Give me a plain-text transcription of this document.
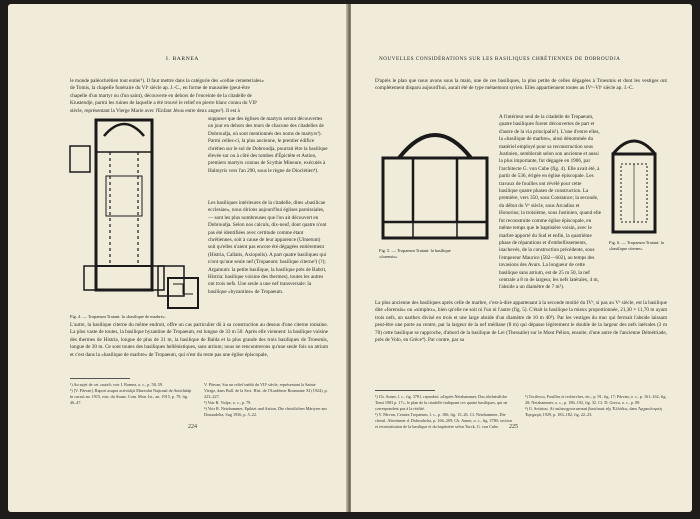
I. BARNEA

le monde paléochrétien tout entier¹). Il faut mettre dans la catégorie des «cellae cemeteriales»

de Tomis, la chapelle funéraire du VIᵉ siècle ap. J.-C., en forme de mausolée (peut-être

chapelle d'un martyr ou d'un saint), découverte en dehors de l'enceinte de la citadelle de

Kiustendje, parmi les ruines de laquelle a été trouvé le relief en pierre blanc connu du VIIᵉ

siècle, représentant la Vierge Marie avec l'Enfant Jésus entre deux anges²). Il est à

Fig. 4. — Tropaeum Traiani: la «basilique de marbre».
supposer que des églises de martyrs seront découvertes un jour en dehors des murs de chacune des citadelles de Dobroudja, où sont mentionnés des noms de martyrs³). Parmi celles-ci, la plus ancienne, le premier édifice chrétien sur le sol de Dobroudja, pourrait être la basilique élevée sur ou à côté des tombes d'Épictète et Astion, premiers martyrs connus de Scythie Mineure, exécutés à Halmyris vers l'an 290, sous le règne de Dioclétien⁴).
Les basiliques intérieures de la citadelle, dites «basilicae ecclesiae», nous dirions aujourd'hui églises paroissiales, — sont les plus nombreuses que l'on ait découvert en Dobroudja. Selon nos calculs, dix-neuf, dont quatre n'ont pas été identifiées avec certitude comme étant chrétiennes, soit à cause de leur apparence (Ulmetum) soit qu'elles n'aient pas encore été dégagées entièrement (Histria, Callatis, Axiopolis). A part quatre basiliques qui n'ont qu'une seule nef (Tropaeum: basilique citerne²) (?); Argamum: la petite basilique, la basilique près de Babrit, Histria: basilique voisine des thermes), toutes les autres ont trois nefs. Une seule a une nef transversale: la basilique «byzantine» de Tropaeum.
L'autre, la basilique citerne du même endroit, offre un cas particulier dû à sa construction au dessus d'une citerne romaine. La plus vaste de toutes, la basilique byzantine de Tropaeum, est longue de 33 m 50. Après elle viennent: la basilique voisine des thermes de Histria, longue de plus de 31 m, la basilique de Balda et la plus grande des trois basiliques de Troesmis, longue de 30 m. Ce sont toutes des basiliques hellénistiques, sans atrium; nous ne rencontrerons qu'une seule fois un atrium et c'est dans la «basilique de marbre» de Tropaeum, qui n'est du reste pas une église épiscopale,

¹) Au sujet de cet «autel» voir I. Barnea, o. c., p. 58–59.

²) [V. Pârvan], Rapori asupra activităţii Muzeului Naţional de Antichităţi în cursul an. 1915, extr. du Anuar. Com. Mon. Ist., an. 1915, p. 79, fig. 46–47.

V. Pârvan, Sur un relief inédit du VIIᵉ siècle, représentant la Sainte Vierge, dans Bull. de la Sect. Hist. de l'Académie Roumaine XI (1924), p. 223–227.

³) Voir R. Vulpe, o. c., p. 79.

⁴) Voir R. Netzhammer, Epiktet und Astion, Die christlichen Märtyrer am Donaudelta, Sug 1936, p. 5–22.

224
NOUVELLES CONSIDÉRATIONS SUR LES BASILIQUES CHRÉTIENNES DE DOBROUDJA
D'après le plan que nous avons sous la main, une de ces basiliques, la plus petite de celles dégagées à Troesmis et dont les vestiges ont complètement disparu aujourd'hui, aurait été de type métaemont syrien. Elles appartiennent toutes au IVᵉ–VIᵉ siècle ap. J.-C.
Fig. 5. — Tropaeum Traiani: la basilique «forensis».
A l'intérieur seul de la citadelle de Tropaeum, quatre basiliques furent découvertes de part et d'autre de la via principalis¹). L'une d'entre elles, la «basilique de marbre», ainsi dénommée du matériel employé pour sa reconstruction sous Justinien, semblerait selon son ancienne et aussi la plus importante, fut dégagée en 1906, par l'architecte G. von Cube (fig. 4). Elle avait été, à partir de 536, érigée en église épiscopale. Les travaux de fouilles ont révélé pour cette basilique quatre phases de construction. La première, vers 350, sous Constance; la seconde, du début du Vᵉ siècle, sous Arcadius et Honorius; la troisième, sous Justinien, quand elle fut reconstruite comme église épiscopale, en même temps que le baptistère voisin, avec le marbre apporté du Sud et enfin, la quatrième phase de réparations et d'embellissements, inachevés, de la construction précédente, sous l'empereur Maurice (582—602), au temps des invasions des Avars. La longueur de cette basilique sans atrium, est de 25 m 50, la nef centrale a 8 m de largeur, les nefs latérales, 4 m, l'abside a un diamètre de 7 m²).
Fig. 6. — Tropaeum Traiani: la «basilique citerne».
La plus ancienne des basiliques après celle de marbre, c'est-à-dire appartenant à la seconde moitié du IVᵉ, si pas au Vᵉ siècle, est la basilique dite «forensis» ou «simplex», bien qu'elle ne soit ni l'un ni l'autre (fig. 5). C'était la basilique la mieux proportionnée, 21,30 × 11,70 m ayant trois nefs, un narthex divisé en trois et une large abside d'un diamètre de 10 m 40³). Par les vestiges du mur qui fermait l'abside laissant peut-être une porte au centre, par la largeur de la nef médiane (8 m) qui dépasse légèrement le double de la largeur des nefs latérales (3 m 70) cette basilique se rapproche, d'abord de la basilique de Lei (Thessalie) sur le Mont Pélion, ensuite, d'une autre de l'ancienne Démétriade, près de Volo, en Grèce⁴). Par contre, par sa

¹) Ch. Auner, l. c., fig. 3781, reproduit «d'après Netzhammer, Das altchristliche Tomi 1903 p. 17», le plan de la citadelle indiquant ces quatre basiliques, qui ne correspondent pas à la réalité.

²) V. Pârvan, Cetatea Tropaeum, l. c., p. 186, fig. 15–26. Cf. Netzhammer, Die christl. Altertümer d. Dobrudscha, p. 166–209; Ch. Auner, o. c., fig. 3780; section et reconstitution de la basilique et du baptistère selon Turck, G. von Cube.

³) Tocilescu, Fouilles et recherches, etc., p. 91, fig. 17; Pârvan, o. c., p. 161–162, fig. 28; Netzhammer, o. c., p. 186–192, fig. 32. Cf. D. Grecu, o. c., p. 89.

⁴) G. Sotiriou, Αἱ παλαιοχριστιανικαὶ βασιλικαὶ τῆς Ἑλλάδος, dans Ἀρχαιολογικὴ Ἐφημερίς 1929, p. 183–182, fig. 22–23.

225
